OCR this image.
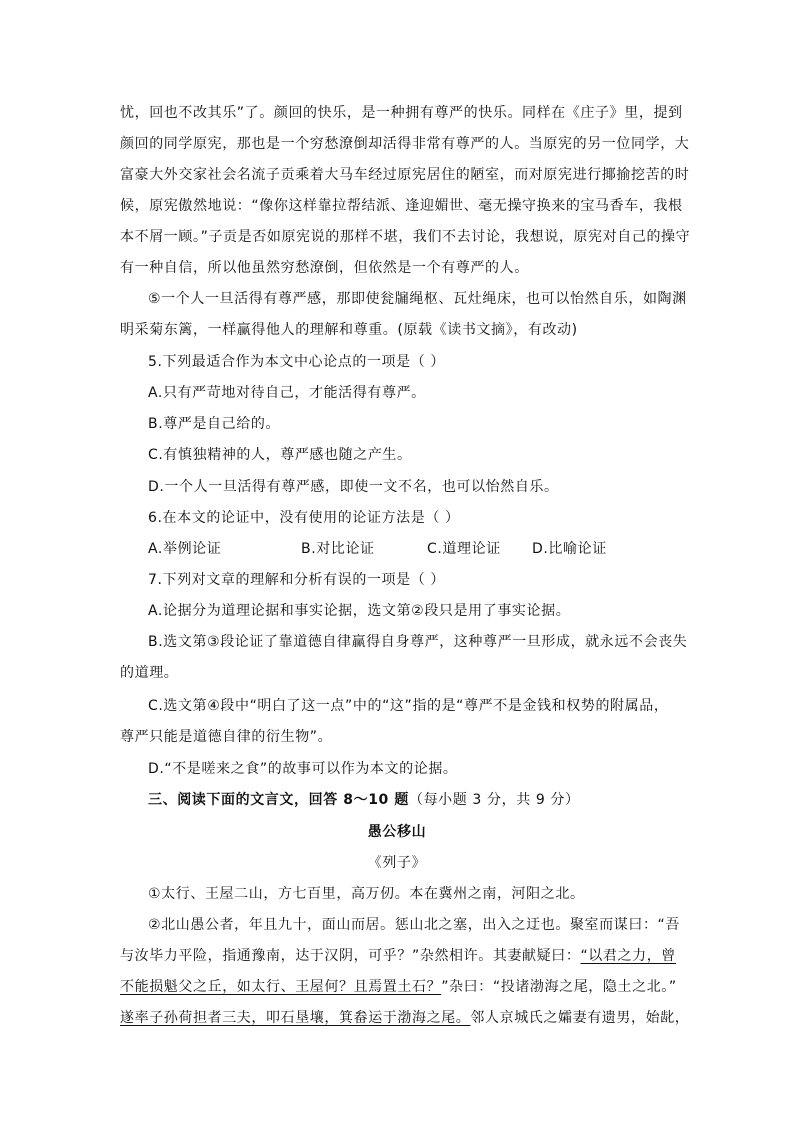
忧，回也不改其乐”了。颜回的快乐，是一种拥有尊严的快乐。同样在《庄子》里，提到
颜回的同学原宪，那也是一个穷愁潦倒却活得非常有尊严的人。当原宪的另一位同学，大
富豪大外交家社会名流子贡乘着大马车经过原宪居住的陋室，而对原宪进行揶揄挖苦的时
候，原宪傲然地说：“像你这样靠拉帮结派、逢迎媚世、毫无操守换来的宝马香车，我根
本不屑一顾。”子贡是否如原宪说的那样不堪，我们不去讨论，我想说，原宪对自己的操守
有一种自信，所以他虽然穷愁潦倒，但依然是一个有尊严的人。
⑤一个人一旦活得有尊严感，那即使瓮牖绳枢、瓦灶绳床，也可以怡然自乐，如陶渊
明采菊东篱，一样赢得他人的理解和尊重。(原载《读书文摘》，有改动)
5.下列最适合作为本文中心论点的一项是（ ）
A.只有严苛地对待自己，才能活得有尊严。
B.尊严是自己给的。
C.有慎独精神的人，尊严感也随之产生。
D.一个人一旦活得有尊严感，即使一文不名，也可以怡然自乐。
6.在本文的论证中，没有使用的论证方法是（ ）
A.举例论证	B.对比论证	C.道理论证 D.比喻论证
7.下列对文章的理解和分析有误的一项是（ ）
A.论据分为道理论据和事实论据，选文第②段只是用了事实论据。
B.选文第③段论证了靠道德自律赢得自身尊严，这种尊严一旦形成，就永远不会丧失
的道理。
C.选文第④段中“明白了这一点”中的“这”指的是“尊严不是金钱和权势的附属品，
尊严只能是道德自律的衍生物”。
D.“不是嗟来之食”的故事可以作为本文的论据。
三、阅读下面的文言文，回答 8～10 题（每小题 3 分，共 9 分）
愚公移山
《列子》
①太行、王屋二山，方七百里，高万仞。本在冀州之南，河阳之北。
②北山愚公者，年且九十，面山而居。惩山北之塞，出入之迂也。聚室而谋曰：“吾
与汝毕力平险，指通豫南，达于汉阴，可乎？”杂然相许。其妻献疑曰：“以君之力，曾
不能损魁父之丘，如太行、王屋何？且焉置土石？”杂曰：“投诸渤海之尾，隐土之北。”
遂率子孙荷担者三夫，叩石垦壤，箕畚运于渤海之尾。邻人京城氏之孀妻有遗男，始龀，
